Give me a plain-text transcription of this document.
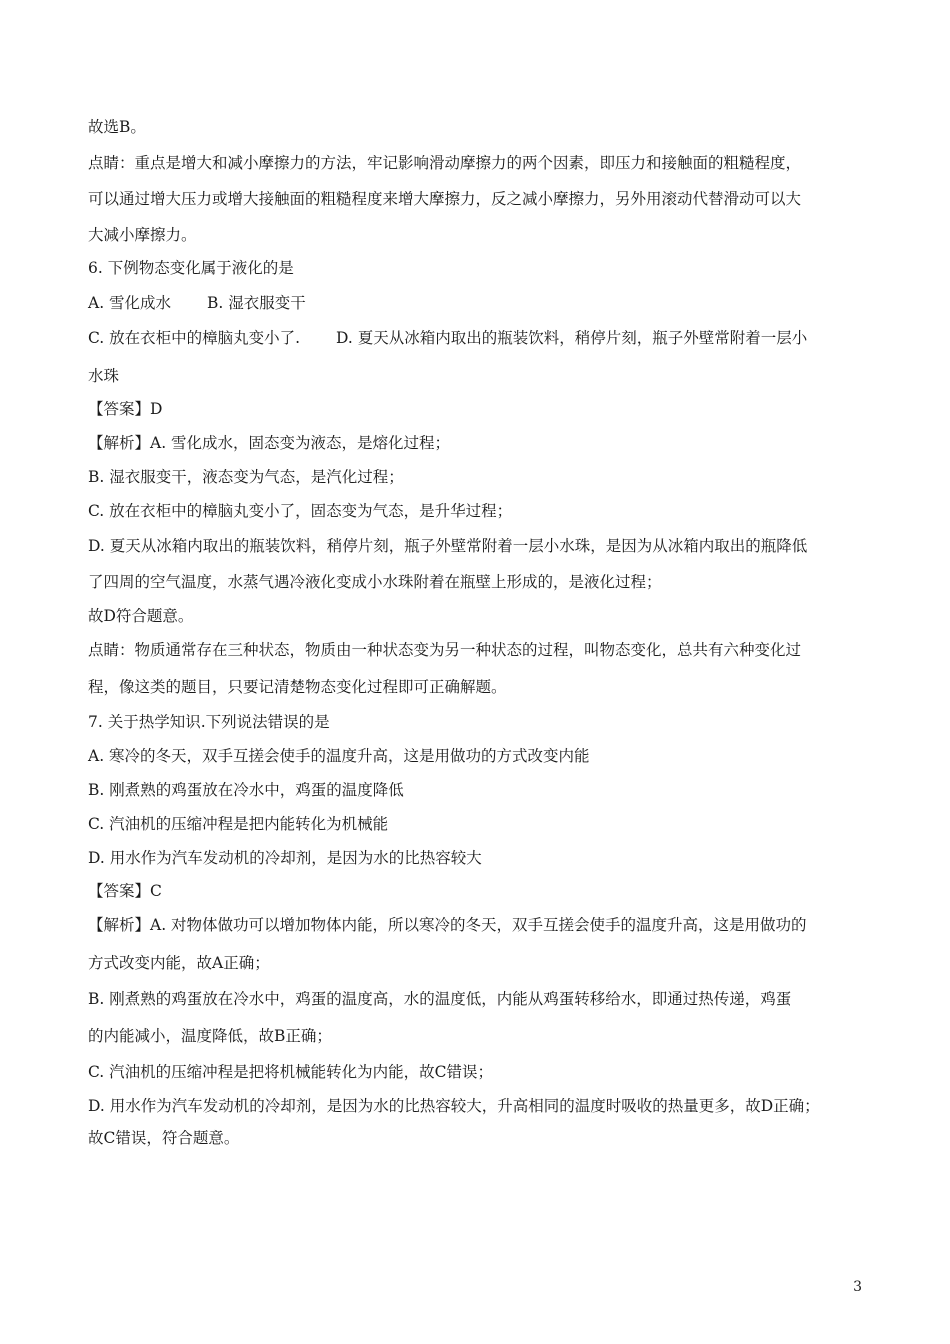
故选B。
点睛：重点是增大和减小摩擦力的方法，牢记影响滑动摩擦力的两个因素，即压力和接触面的粗糙程度，
可以通过增大压力或增大接触面的粗糙程度来增大摩擦力，反之减小摩擦力，另外用滚动代替滑动可以大
大减小摩擦力。
6. 下例物态变化属于液化的是
A. 雪化成水 　　B. 湿衣服变干
C. 放在衣柜中的樟脑丸变小了.　　 D. 夏天从冰箱内取出的瓶装饮料，稍停片刻，瓶子外壁常附着一层小
水珠
【答案】D
【解析】A. 雪化成水，固态变为液态，是熔化过程；
B. 湿衣服变干，液态变为气态，是汽化过程；
C. 放在衣柜中的樟脑丸变小了，固态变为气态，是升华过程；
D. 夏天从冰箱内取出的瓶装饮料，稍停片刻，瓶子外壁常附着一层小水珠，是因为从冰箱内取出的瓶降低
了四周的空气温度，水蒸气遇冷液化变成小水珠附着在瓶壁上形成的，是液化过程；
故D符合题意。
点睛：物质通常存在三种状态，物质由一种状态变为另一种状态的过程，叫物态变化，总共有六种变化过
程，像这类的题目，只要记清楚物态变化过程即可正确解题。
7. 关于热学知识.下列说法错误的是
A. 寒冷的冬天，双手互搓会使手的温度升高，这是用做功的方式改变内能
B. 刚煮熟的鸡蛋放在冷水中，鸡蛋的温度降低
C. 汽油机的压缩冲程是把内能转化为机械能
D. 用水作为汽车发动机的冷却剂，是因为水的比热容较大
【答案】C
【解析】A. 对物体做功可以增加物体内能，所以寒冷的冬天，双手互搓会使手的温度升高，这是用做功的
方式改变内能，故A正确；
B. 刚煮熟的鸡蛋放在冷水中，鸡蛋的温度高，水的温度低，内能从鸡蛋转移给水，即通过热传递，鸡蛋
的内能减小，温度降低，故B正确；
C. 汽油机的压缩冲程是把将机械能转化为内能，故C错误；
D. 用水作为汽车发动机的冷却剂，是因为水的比热容较大，升高相同的温度时吸收的热量更多，故D正确；
故C错误，符合题意。
3
